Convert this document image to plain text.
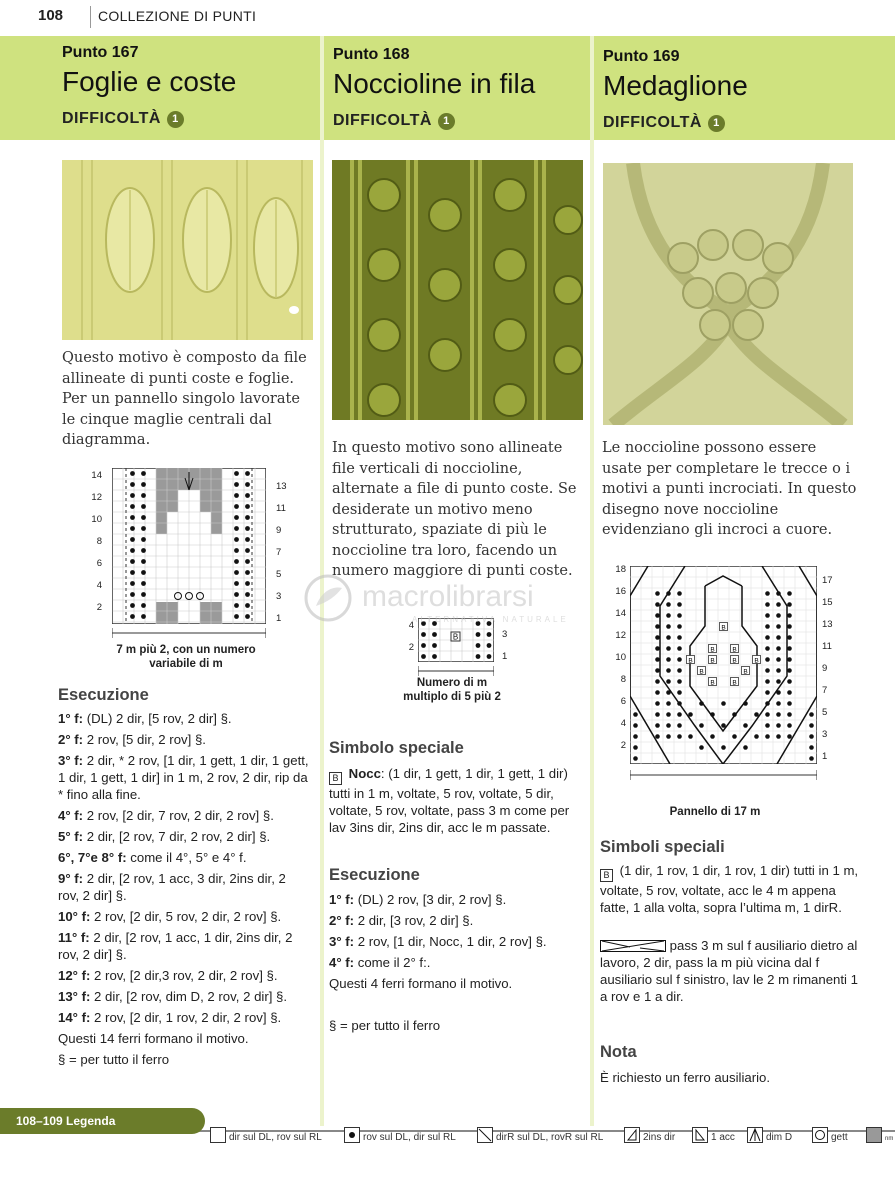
108 COLLEZIONE DI PUNTI
Punto 167
Foglie e coste
DIFFICOLTÀ 1
Punto 168
Noccioline in fila
DIFFICOLTÀ 1
Punto 169
Medaglione
DIFFICOLTÀ 1
Questo motivo è composto da file allineate di punti coste e foglie. Per un pannello singolo lavorate le cinque maglie centrali dal diagramma.	In questo motivo sono allineate file verticali di noccioline, alternate a file di punto coste. Se desiderate un motivo meno strutturato, spaziate di più le noccioline tra loro, facendo un numero maggiore di punti coste.
Le noccioline possono essere usate per completare le trecce o i motivi a punti incrociati. In questo disegno nove noccioline evidenziano gli incroci a cuore.
14
12
10
8
6
4
2
13
11
9
7
5
3
1
7 m più 2, con un numero variabile di m
4
2
B	3
1
Numero di m multiplo di 5 più 2
18
16
14
12
10
8
6
4
2
B
B	B
B	B	B	B
B	B
B	B
17
15
13
11
9
7
5
3
1
Pannello di 17 m
Esecuzione

1° f: (DL) 2 dir, [5 rov, 2 dir] §.

2° f: 2 rov, [5 dir, 2 rov] §.

3° f: 2 dir, * 2 rov, [1 dir, 1 gett, 1 dir, 1 gett, 1 dir, 1 gett, 1 dir] in 1 m, 2 rov, 2 dir, rip da * fino alla fine.

4° f: 2 rov, [2 dir, 7 rov, 2 dir, 2 rov] §.

5° f: 2 dir, [2 rov, 7 dir, 2 rov, 2 dir] §.

6°, 7°e 8° f: come il 4°, 5° e 4° f.

9° f: 2 dir, [2 rov, 1 acc, 3 dir, 2ins dir, 2 rov, 2 dir] §.

10° f: 2 rov, [2 dir, 5 rov, 2 dir, 2 rov] §.

11° f: 2 dir, [2 rov, 1 acc, 1 dir, 2ins dir, 2 rov, 2 dir] §.

12° f: 2 rov, [2 dir,3 rov, 2 dir, 2 rov] §.

13° f: 2 dir, [2 rov, dim D, 2 rov, 2 dir] §.

14° f: 2 rov, [2 dir, 1 rov, 2 dir, 2 rov] §.

Questi 14 ferri formano il motivo.

§ = per tutto il ferro

Simbolo speciale
B Nocc: (1 dir, 1 gett, 1 dir, 1 gett, 1 dir) tutti in 1 m, voltate, 5 rov, voltate, 5 dir, voltate, 5 rov, voltate, pass 3 m come per lav 3ins dir, 2ins dir, acc le m passate.
Esecuzione

1° f: (DL) 2 rov, [3 dir, 2 rov] §.

2° f: 2 dir, [3 rov, 2 dir] §.

3° f: 2 rov, [1 dir, Nocc, 1 dir, 2 rov] §.

4° f: come il 2° f:.

Questi 4 ferri formano il motivo.

§ = per tutto il ferro

Simboli speciali
B (1 dir, 1 rov, 1 dir, 1 rov, 1 dir) tutti in 1 m, voltate, 5 rov, voltate, acc le 4 m appena fatte, 1 alla volta, sopra l’ultima m, 1 dirR.
pass 3 m sul f ausiliario dietro al lavoro, 2 dir, pass la m più vicina dal f ausiliario sul f sinistro, lav le 2 m rimanenti 1 a rov e 1 a dir.
Nota
È richiesto un ferro ausiliario.
macrolibrarsi
ALTERNATIVA NATURALE
108–109 Legenda
dir sul DL, rov sul RL	rov sul DL, dir sul RL	dirR sul DL, rovR sul RL	2ins dir	1 acc	dim D	gett	nm
